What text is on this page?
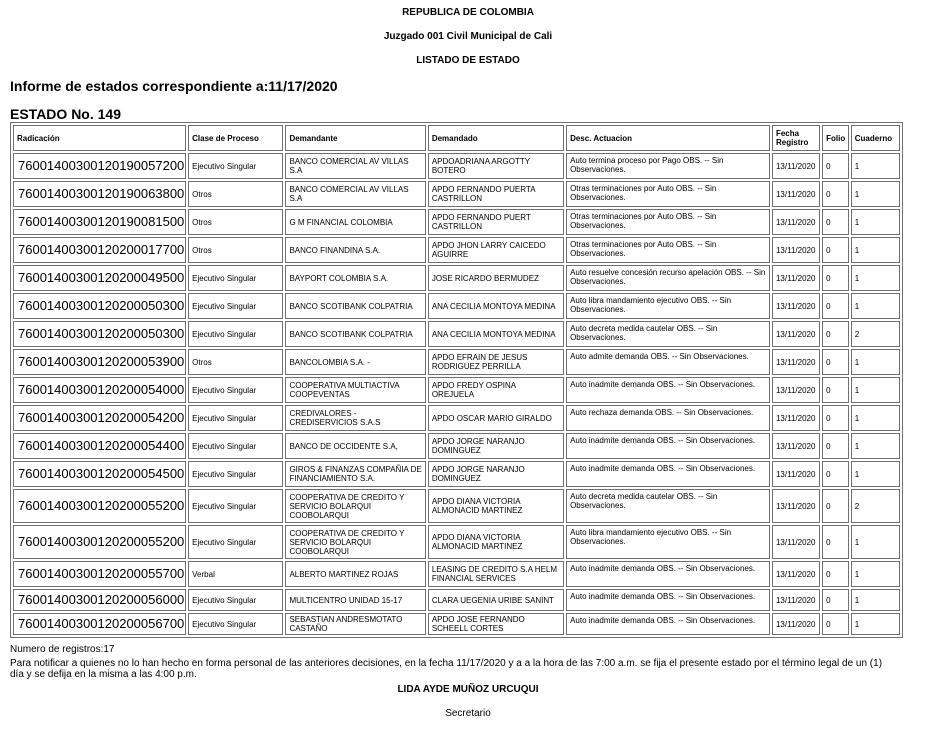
REPUBLICA DE COLOMBIA
Juzgado 001 Civil Municipal de Cali
LISTADO DE ESTADO
Informe de estados correspondiente a:11/17/2020
ESTADO No. 149
Radicación	Clase de Proceso	Demandante	Demandado	Desc. Actuacion	Fecha Registro	Folio	Cuaderno
76001400300120190057200	Ejecutivo Singular	BANCO COMERCIAL AV VILLAS S.A	APDOADRIANA ARGOTTY BOTERO	Auto termina proceso por Pago OBS. -- Sin Observaciones.	13/11/2020	0	1
76001400300120190063800	Otros	BANCO COMERCIAL AV VILLAS S.A	APDO FERNANDO PUERTA CASTRILLON	Otras terminaciones por Auto OBS. -- Sin Observaciones.	13/11/2020	0	1
76001400300120190081500	Otros	G M FINANCIAL COLOMBIA	APDO FERNANDO PUERT CASTRILLON	Otras terminaciones por Auto OBS. -- Sin Observaciones.	13/11/2020	0	1
76001400300120200017700	Otros	BANCO FINANDINA S.A.	APDO JHON LARRY CAICEDO AGUIRRE	Otras terminaciones por Auto OBS. -- Sin Observaciones.	13/11/2020	0	1
76001400300120200049500	Ejecutivo Singular	BAYPORT COLOMBIA S.A.	JOSE RICARDO BERMUDEZ	Auto resuelve concesión recurso apelación OBS. -- Sin Observaciones.	13/11/2020	0	1
76001400300120200050300	Ejecutivo Singular	BANCO SCOTIBANK COLPATRIA	ANA CECILIA MONTOYA MEDINA	Auto libra mandamiento ejecutivo OBS. -- Sin Observaciones.	13/11/2020	0	1
76001400300120200050300	Ejecutivo Singular	BANCO SCOTIBANK COLPATRIA	ANA CECILIA MONTOYA MEDINA	Auto decreta medida cautelar OBS. -- Sin Observaciones.	13/11/2020	0	2
76001400300120200053900	Otros	BANCOLOMBIA S.A. -	APDO EFRAIN DE JESUS RODRIGUEZ PERRILLA	Auto admite demanda OBS. -- Sin Observaciones.	13/11/2020	0	1
76001400300120200054000	Ejecutivo Singular	COOPERATIVA MULTIACTIVA COOPEVENTAS	APDO FREDY OSPINA OREJUELA	Auto inadmite demanda OBS. -- Sin Observaciones.	13/11/2020	0	1
76001400300120200054200	Ejecutivo Singular	CREDIVALORES - CREDISERVICIOS S.A.S	APDO OSCAR MARIO GIRALDO	Auto rechaza demanda OBS. -- Sin Observaciones.	13/11/2020	0	1
76001400300120200054400	Ejecutivo Singular	BANCO DE OCCIDENTE S.A,	APDO JORGE NARANJO DOMINGUEZ	Auto inadmite demanda OBS. -- Sin Observaciones.	13/11/2020	0	1
76001400300120200054500	Ejecutivo Singular	GIROS & FINANZAS COMPAÑIA DE FINANCIAMIENTO S.A.	APDO JORGE NARANJO DOMINGUEZ	Auto inadmite demanda OBS. -- Sin Observaciones.	13/11/2020	0	1
76001400300120200055200	Ejecutivo Singular	COOPERATIVA DE CREDITO Y SERVICIO BOLARQUI COOBOLARQUI	APDO DIANA VICTORIA ALMONACID MARTINEZ	Auto decreta medida cautelar OBS. -- Sin Observaciones.	13/11/2020	0	2
76001400300120200055200	Ejecutivo Singular	COOPERATIVA DE CREDITO Y SERVICIO BOLARQUI COOBOLARQUI	APDO DIANA VICTORIA ALMONACID MARTINEZ	Auto libra mandamiento ejecutivo OBS. -- Sin Observaciones.	13/11/2020	0	1
76001400300120200055700	Verbal	ALBERTO MARTINEZ ROJAS	LEASING DE CREDITO S.A HELM FINANCIAL SERVICES	Auto inadmite demanda OBS. -- Sin Observaciones.	13/11/2020	0	1
76001400300120200056000	Ejecutivo Singular	MULTICENTRO UNIDAD 15-17	CLARA UEGENIA URIBE SANINT	Auto inadmite demanda OBS. -- Sin Observaciones.	13/11/2020	0	1
76001400300120200056700	Ejecutivo Singular	SEBASTIAN ANDRESMOTATO CASTAÑO	APDO JOSE FERNANDO SCHEELL CORTES	Auto inadmite demanda OBS. -- Sin Observaciones.	13/11/2020	0	1
Numero de registros:17
Para notificar a quienes no lo han hecho en forma personal de las anteriores decisiones, en la fecha 11/17/2020 y a a la hora de las 7:00 a.m. se fija el presente estado por el término legal de un (1) día y se defija en la misma a las 4:00 p.m.
LIDA AYDE MUÑOZ URCUQUI
Secretario
